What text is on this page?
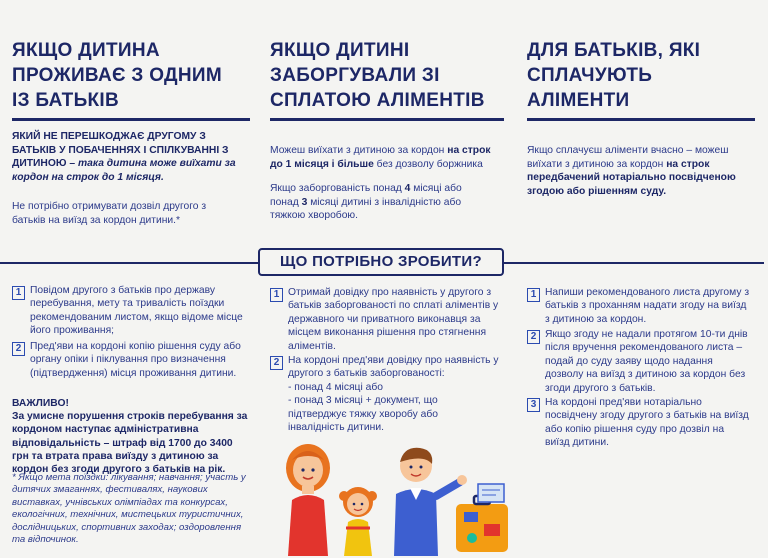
ЯКЩО ДИТИНА
ПРОЖИВАЄ З ОДНИМ
ІЗ БАТЬКІВ
ЯКИЙ НЕ ПЕРЕШКОДЖАЄ ДРУГОМУ З БАТЬКІВ У ПОБАЧЕННЯХ І СПІЛКУВАННІ З ДИТИНОЮ – така дитина може виїхати за кордон на строк до 1 місяця.
Не потрібно отримувати дозвіл другого з батьків на виїзд за кордон дитини.*
1 Повідом другого з батьків про державу перебування, мету та тривалість поїздки рекомендованим листом, якщо відоме місце його проживання;
2 Пред'яви на кордоні копію рішення суду або органу опіки і піклування про визначення (підтвердження) місця проживання дитини.
ВАЖЛИВО!
За умисне порушення строків перебування за кордоном наступає адміністративна відповідальність – штраф від 1700 до 3400 грн та втрата права виїзду з дитиною за кордон без згоди другого з батьків на рік.
* Якщо мета поїздки: лікування; навчання; участь у дитячих змаганнях, фестивалях, наукових виставках, учнівських олімпіадах та конкурсах, екологічних, технічних, мистецьких туристичних, дослідницьких, спортивних заходах; оздоровлення та відпочинок.
ЯКЩО ДИТИНІ
ЗАБОРГУВАЛИ ЗІ
СПЛАТОЮ АЛІМЕНТІВ
Можеш виїхати з дитиною за кордон на строк до 1 місяця і більше без дозволу боржника
Якщо заборгованість понад 4 місяці або понад 3 місяці дитині з інвалідністю або тяжкою хворобою.
1 Отримай довідку про наявність у другого з батьків заборгованості по сплаті аліментів у державного чи приватного виконавця за місцем виконання рішення про стягнення аліментів.
2 На кордоні пред'яви довідку про наявність у другого з батьків заборгованості:
- понад 4 місяці або
- понад 3 місяці + документ, що підтверджує тяжку хворобу або інвалідність дитини.
ДЛЯ БАТЬКІВ, ЯКІ
СПЛАЧУЮТЬ
АЛІМЕНТИ
Якщо сплачуєш аліменти вчасно – можеш виїхати з дитиною за кордон на строк передбачений нотаріально посвідченою згодою або рішенням суду.
1 Напиши рекомендованого листа другому з батьків з проханням надати згоду на виїзд з дитиною за кордон.
2 Якщо згоду не надали протягом 10-ти днів після вручення рекомендованого листа – подай до суду заяву щодо надання дозволу на виїзд з дитиною за кордон без згоди другого з батьків.
3 На кордоні пред'яви нотаріально посвідчену згоду другого з батьків на виїзд або копію рішення суду про дозвіл на виїзд дитини.
ЩО ПОТРІБНО ЗРОБИТИ?
